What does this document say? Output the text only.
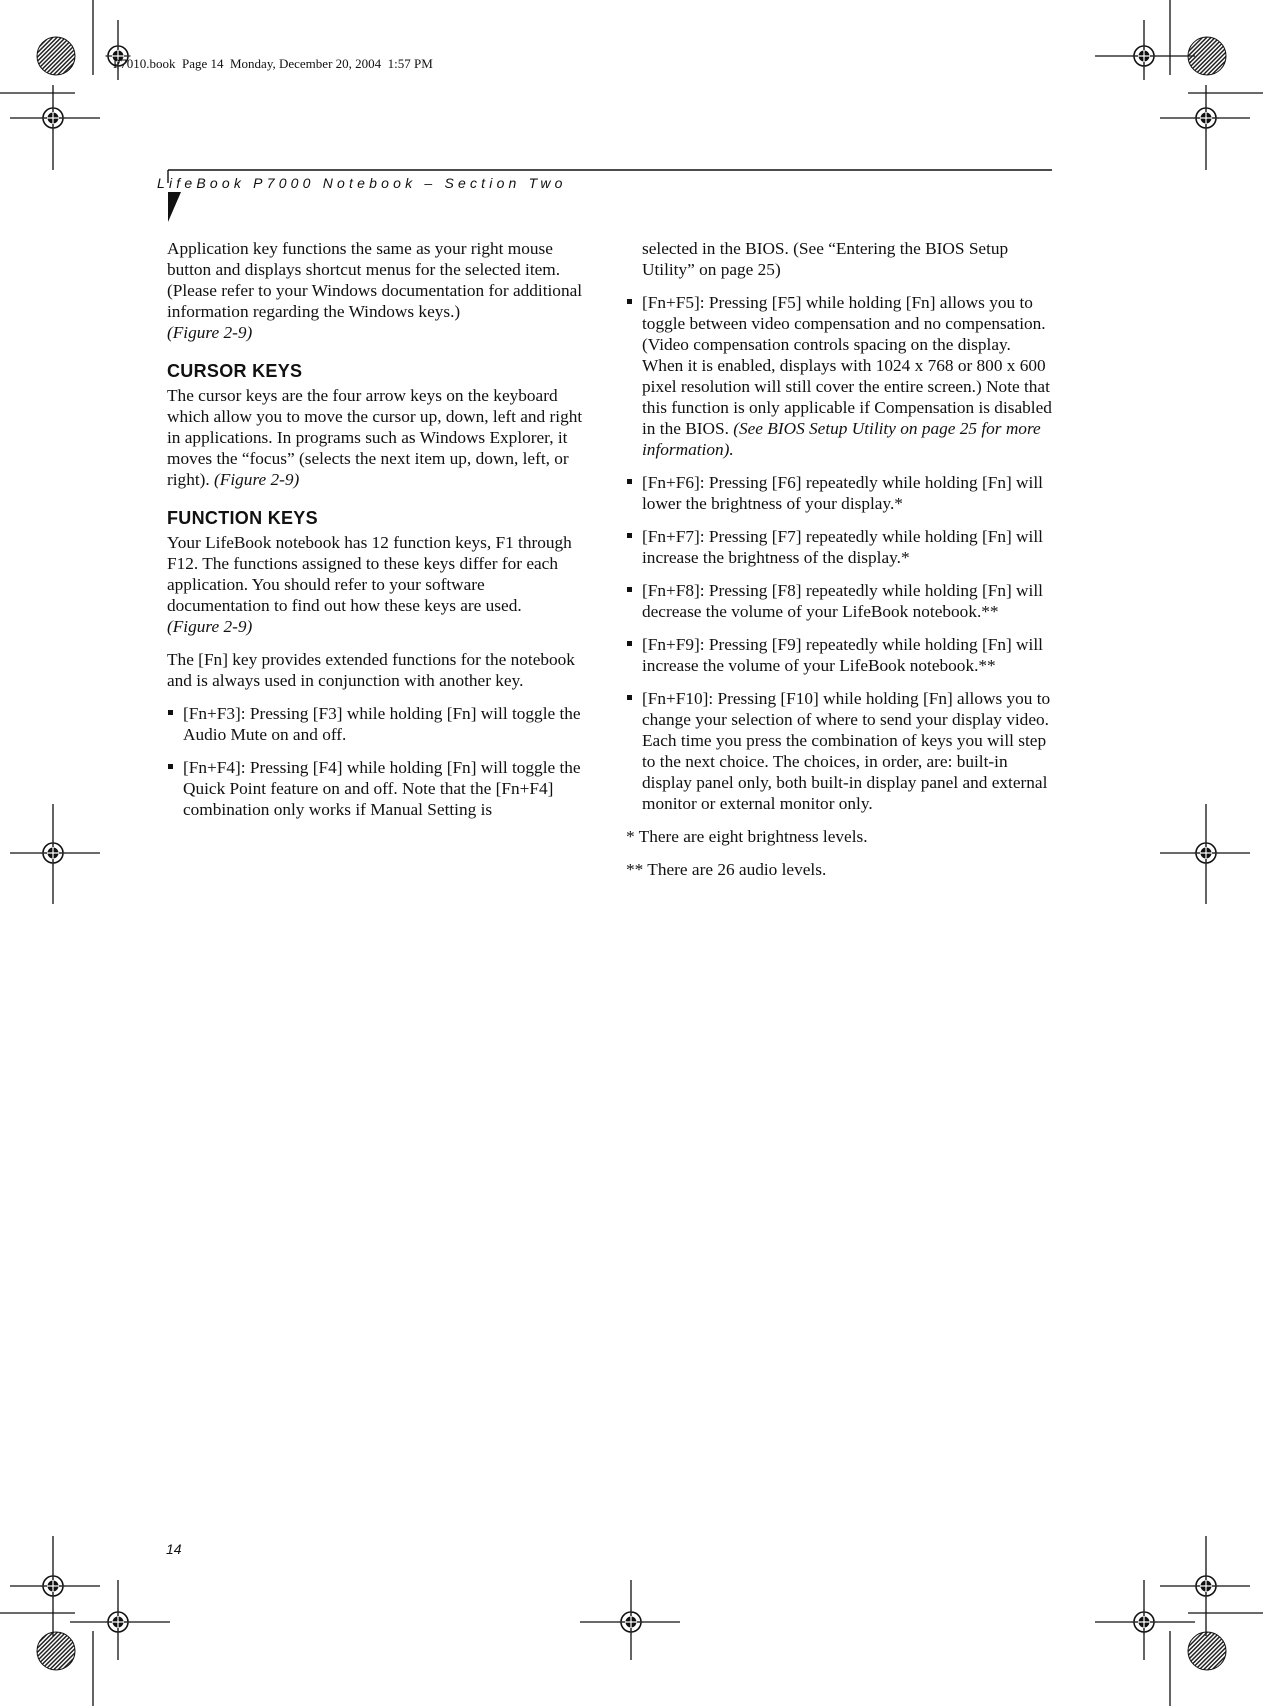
P7010.book  Page 14  Monday, December 20, 2004  1:57 PM
LifeBook P7000 Notebook – Section Two

Application key functions the same as your right mouse button and displays shortcut menus for the selected item. (Please refer to your Windows documentation for additional information regarding the Windows keys.)
(Figure 2-9)

CURSOR KEYS

The cursor keys are the four arrow keys on the keyboard which allow you to move the cursor up, down, left and right in applications. In programs such as Windows Explorer, it moves the “focus” (selects the next item up, down, left, or right). (Figure 2-9)

FUNCTION KEYS

Your LifeBook notebook has 12 function keys, F1 through F12. The functions assigned to these keys differ for each application. You should refer to your software documentation to find out how these keys are used.
(Figure 2-9)

The [Fn] key provides extended functions for the notebook and is always used in conjunction with another key.

[Fn+F3]: Pressing [F3] while holding [Fn] will toggle the Audio Mute on and off.
[Fn+F4]: Pressing [F4] while holding [Fn] will toggle the Quick Point feature on and off. Note that the [Fn+F4] combination only works if Manual Setting is

selected in the BIOS. (See “Entering the BIOS Setup Utility” on page 25)

[Fn+F5]: Pressing [F5] while holding [Fn] allows you to toggle between video compensation and no compensation. (Video compensation controls spacing on the display. When it is enabled, displays with 1024 x 768 or 800 x 600 pixel resolution will still cover the entire screen.) Note that this function is only applicable if Compensation is disabled in the BIOS. (See BIOS Setup Utility on page 25 for more information).
[Fn+F6]: Pressing [F6] repeatedly while holding [Fn] will lower the brightness of your display.*
[Fn+F7]: Pressing [F7] repeatedly while holding [Fn] will increase the brightness of the display.*
[Fn+F8]: Pressing [F8] repeatedly while holding [Fn] will decrease the volume of your LifeBook notebook.**
[Fn+F9]: Pressing [F9] repeatedly while holding [Fn] will increase the volume of your LifeBook notebook.**
[Fn+F10]: Pressing [F10] while holding [Fn] allows you to change your selection of where to send your display video. Each time you press the combination of keys you will step to the next choice. The choices, in order, are: built-in display panel only, both built-in display panel and external monitor or external monitor only.

* There are eight brightness levels.

** There are 26 audio levels.

14
